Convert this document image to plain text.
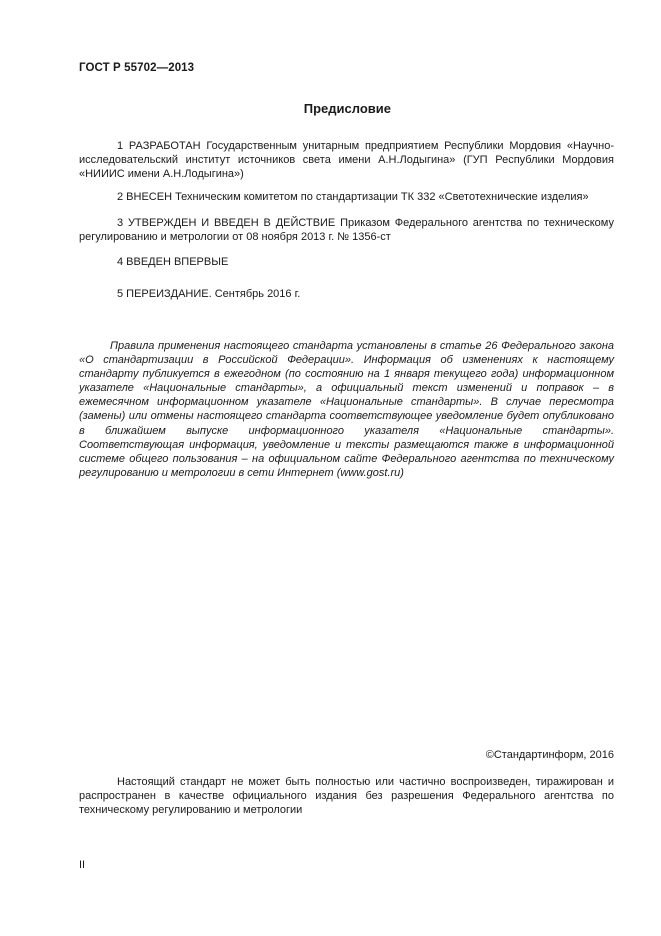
ГОСТ Р 55702—2013
Предисловие

1 РАЗРАБОТАН Государственным унитарным предприятием Республики Мордовия «Научно-исследовательский институт источников света имени А.Н.Лодыгина» (ГУП Республики Мордовия «НИИИС имени А.Н.Лодыгина»)

2 ВНЕСЕН Техническим комитетом по стандартизации ТК 332 «Светотехнические изделия»

3 УТВЕРЖДЕН И ВВЕДЕН В ДЕЙСТВИЕ Приказом Федерального агентства по техническому регулированию и метрологии от 08 ноября 2013 г. № 1356-ст

4 ВВЕДЕН ВПЕРВЫЕ

5 ПЕРЕИЗДАНИЕ. Сентябрь 2016 г.

Правила применения настоящего стандарта установлены в статье 26 Федерального закона «О стандартизации в Российской Федерации». Информация об изменениях к настоящему стандарту публикуется в ежегодном (по состоянию на 1 января текущего года) информационном указателе «Национальные стандарты», а официальный текст изменений и поправок – в ежемесячном информационном указателе «Национальные стандарты». В случае пересмотра (замены) или отмены настоящего стандарта соответствующее уведомление будет опубликовано в ближайшем выпуске информационного указателя «Национальные стандарты». Соответствующая информация, уведомление и тексты размещаются также в информационной системе общего пользования – на официальном сайте Федерального агентства по техническому регулированию и метрологии в сети Интернет (www.gost.ru)

©Стандартинформ, 2016

Настоящий стандарт не может быть полностью или частично воспроизведен, тиражирован и распространен в качестве официального издания без разрешения Федерального агентства по техническому регулированию и метрологии

II
